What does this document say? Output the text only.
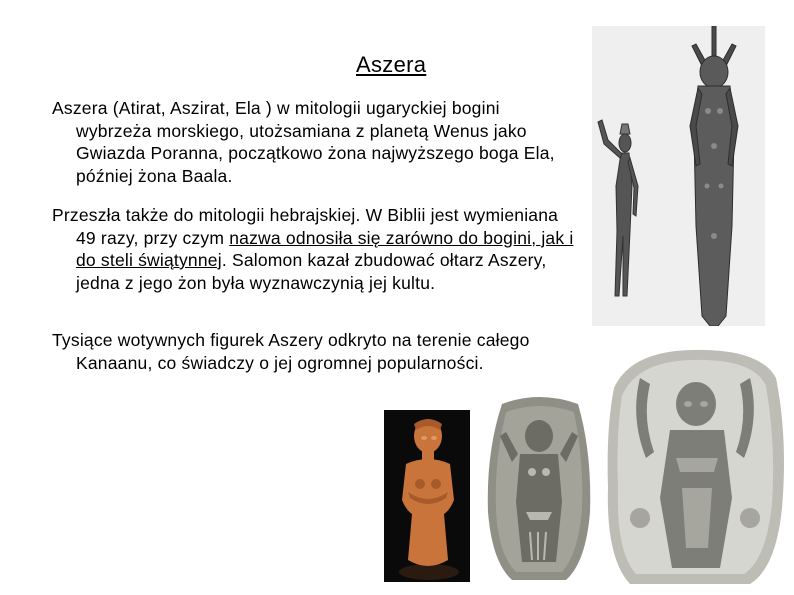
Aszera
Aszera (Atirat, Aszirat, Ela ) w mitologii ugaryckiej bogini wybrzeża morskiego, utożsamiana z planetą Wenus jako Gwiazda Poranna, początkowo żona najwyższego boga Ela, później żona Baala.
Przeszła także do mitologii hebrajskiej. W Biblii jest wymieniana 49 razy, przy czym nazwa odnosiła się zarówno do bogini, jak i do steli świątynnej. Salomon kazał zbudować ołtarz Aszery, jedna z jego żon była wyznawczynią jej kultu.
Tysiące wotywnych figurek Aszery odkryto na terenie całego Kanaanu, co świadczy o jej ogromnej popularności.
